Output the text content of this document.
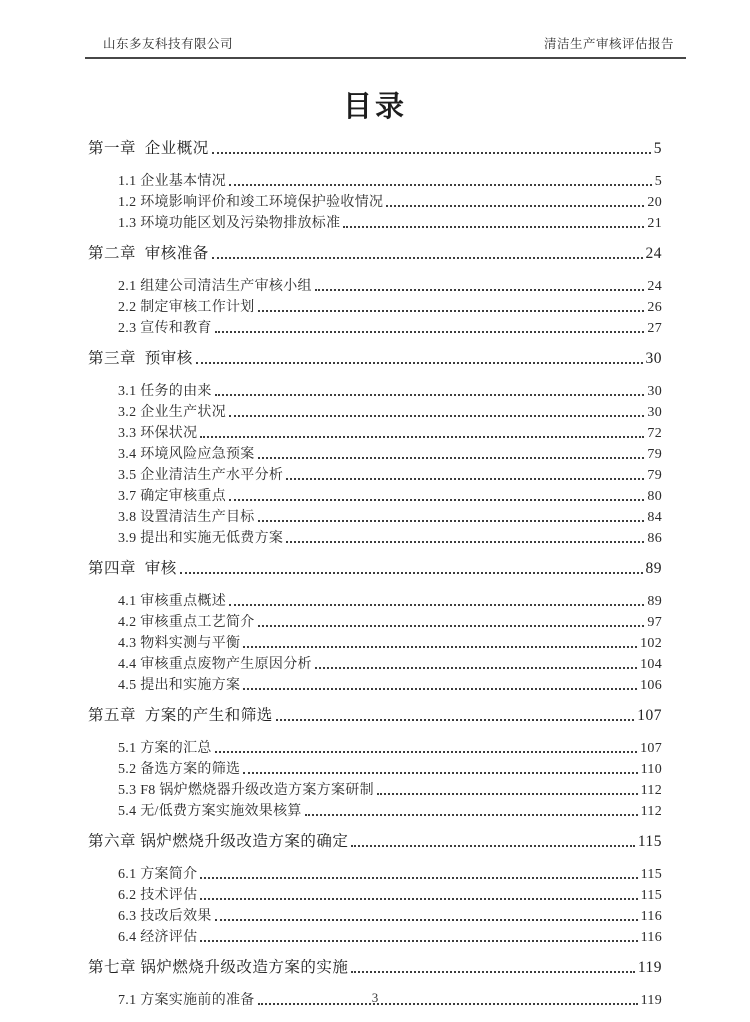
山东多友科技有限公司	清洁生产审核评估报告
目录
第一章  企业概况	5
1.1 企业基本情况	5
1.2 环境影响评价和竣工环境保护验收情况	20
1.3 环境功能区划及污染物排放标准	21
第二章  审核准备	24
2.1 组建公司清洁生产审核小组	24
2.2 制定审核工作计划	26
2.3 宣传和教育	27
第三章  预审核	30
3.1 任务的由来	30
3.2 企业生产状况	30
3.3 环保状况	72
3.4 环境风险应急预案	79
3.5 企业清洁生产水平分析	79
3.7 确定审核重点	80
3.8 设置清洁生产目标	84
3.9 提出和实施无低费方案	86
第四章  审核	89
4.1 审核重点概述	89
4.2 审核重点工艺简介	97
4.3 物料实测与平衡	102
4.4 审核重点废物产生原因分析	104
4.5 提出和实施方案	106
第五章  方案的产生和筛选	107
5.1 方案的汇总	107
5.2 备选方案的筛选	110
5.3 F8 锅炉燃烧器升级改造方案方案研制	112
5.4 无/低费方案实施效果核算	112
第六章 锅炉燃烧升级改造方案的确定	115
6.1 方案简介	115
6.2 技术评估	115
6.3 技改后效果	116
6.4 经济评估	116
第七章 锅炉燃烧升级改造方案的实施	119
7.1 方案实施前的准备	119
3
